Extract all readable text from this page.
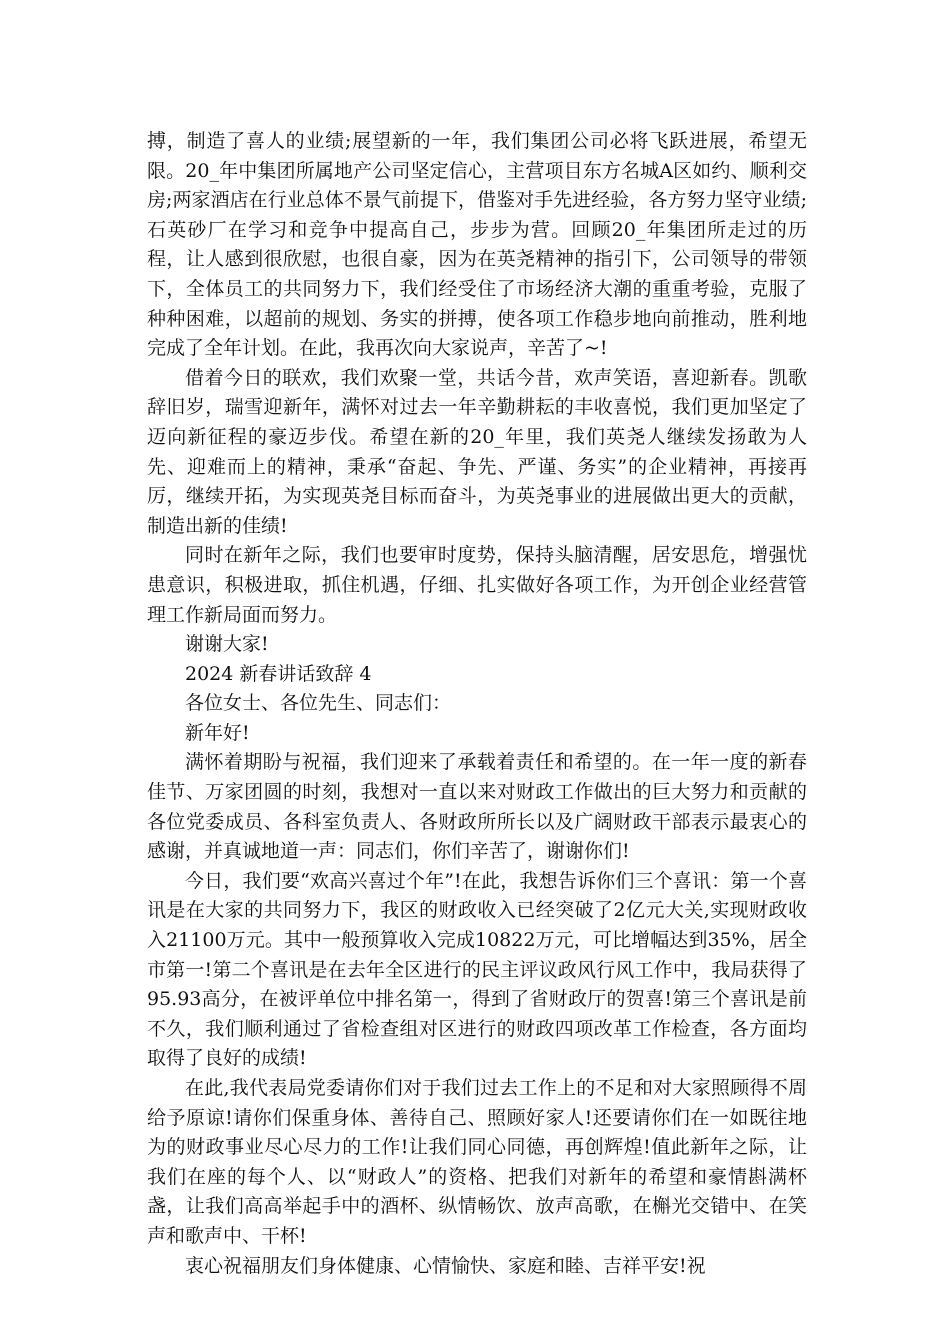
搏，制造了喜人的业绩;展望新的一年，我们集团公司必将飞跃进展，希望无限。20_年中集团所属地产公司坚定信心，主营项目东方名城A区如约、顺利交房;两家酒店在行业总体不景气前提下，借鉴对手先进经验，各方努力坚守业绩;石英砂厂在学习和竞争中提高自己，步步为营。回顾20_年集团所走过的历程，让人感到很欣慰，也很自豪，因为在英尧精神的指引下，公司领导的带领下，全体员工的共同努力下，我们经受住了市场经济大潮的重重考验，克服了种种困难，以超前的规划、务实的拼搏，使各项工作稳步地向前推动，胜利地完成了全年计划。在此，我再次向大家说声，辛苦了~!

借着今日的联欢，我们欢聚一堂，共话今昔，欢声笑语，喜迎新春。凯歌辞旧岁，瑞雪迎新年，满怀对过去一年辛勤耕耘的丰收喜悦，我们更加坚定了迈向新征程的豪迈步伐。希望在新的20_年里，我们英尧人继续发扬敢为人先、迎难而上的精神，秉承“奋起、争先、严谨、务实”的企业精神，再接再厉，继续开拓，为实现英尧目标而奋斗，为英尧事业的进展做出更大的贡献，制造出新的佳绩!

同时在新年之际，我们也要审时度势，保持头脑清醒，居安思危，增强忧患意识，积极进取，抓住机遇，仔细、扎实做好各项工作，为开创企业经营管理工作新局面而努力。

谢谢大家!

2024 新春讲话致辞 4

各位女士、各位先生、同志们：

新年好!

满怀着期盼与祝福，我们迎来了承载着责任和希望的。在一年一度的新春佳节、万家团圆的时刻，我想对一直以来对财政工作做出的巨大努力和贡献的各位党委成员、各科室负责人、各财政所所长以及广阔财政干部表示最衷心的感谢，并真诚地道一声：同志们，你们辛苦了，谢谢你们!

今日，我们要“欢高兴喜过个年”!在此，我想告诉你们三个喜讯：第一个喜讯是在大家的共同努力下，我区的财政收入已经突破了2亿元大关,实现财政收入21100万元。其中一般预算收入完成10822万元，可比增幅达到35%，居全市第一!第二个喜讯是在去年全区进行的民主评议政风行风工作中，我局获得了95.93高分，在被评单位中排名第一，得到了省财政厅的贺喜!第三个喜讯是前不久，我们顺利通过了省检查组对区进行的财政四项改革工作检查，各方面均取得了良好的成绩!

在此,我代表局党委请你们对于我们过去工作上的不足和对大家照顾得不周给予原谅!请你们保重身体、善待自己、照顾好家人!还要请你们在一如既往地为的财政事业尽心尽力的工作!让我们同心同德，再创辉煌!值此新年之际，让我们在座的每个人、以“财政人”的资格、把我们对新年的希望和豪情斟满杯盏，让我们高高举起手中的酒杯、纵情畅饮、放声高歌，在槲光交错中、在笑声和歌声中、干杯!

衷心祝福朋友们身体健康、心情愉快、家庭和睦、吉祥平安!祝
